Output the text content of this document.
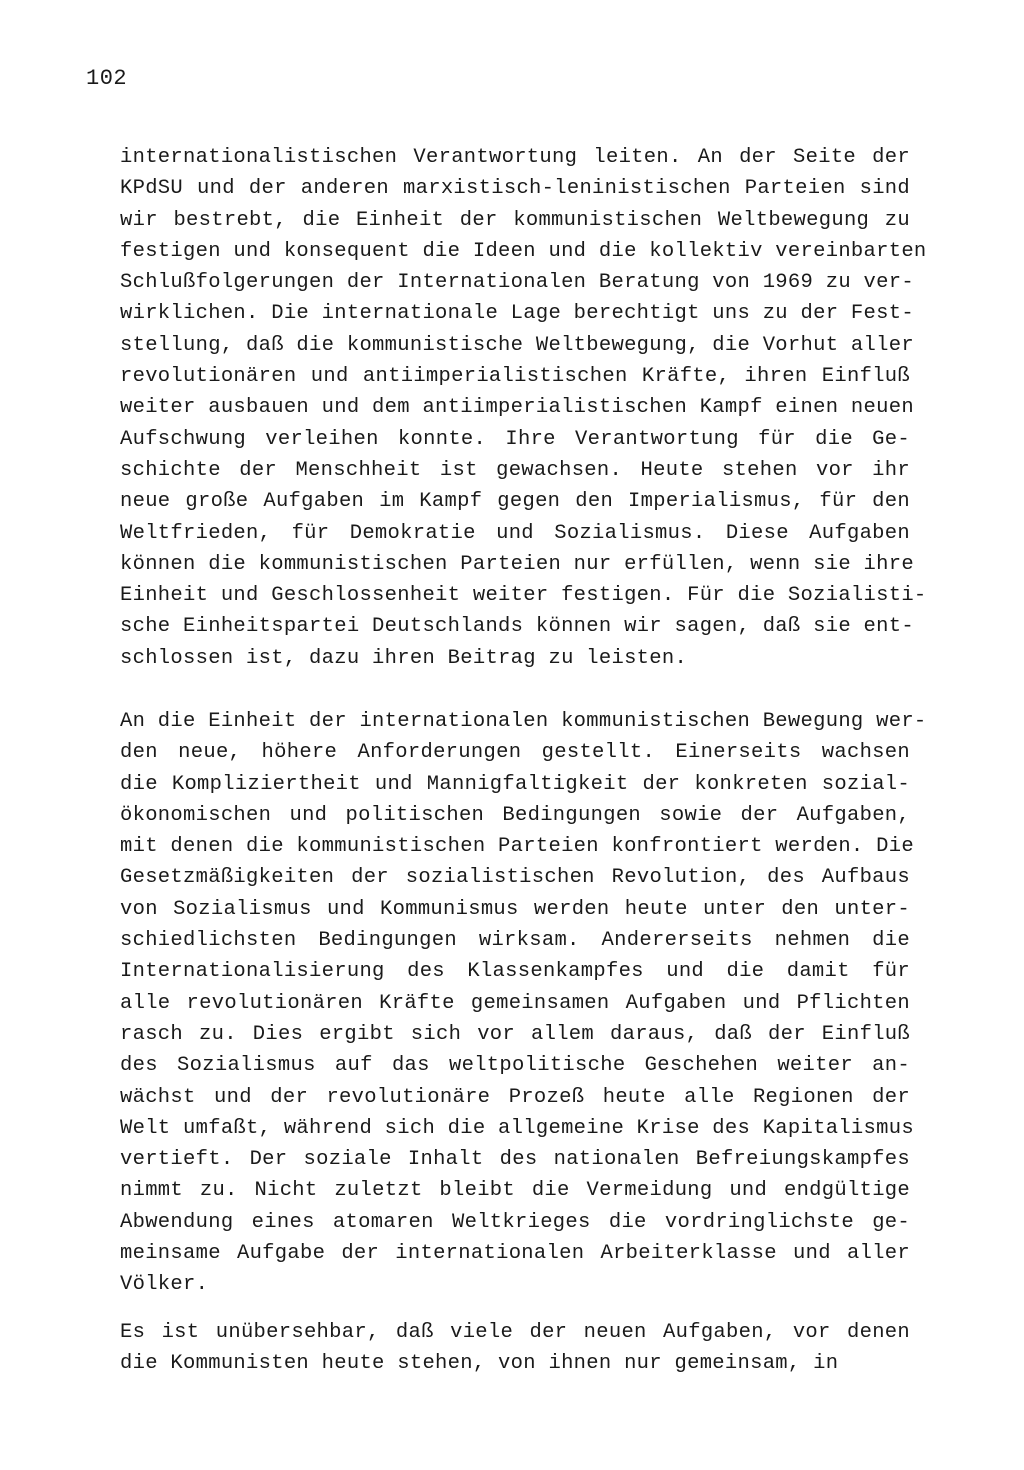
102
internationalistischen Verantwortung leiten. An der Seite der
KPdSU und der anderen marxistisch-leninistischen Parteien sind
wir bestrebt, die Einheit der kommunistischen Weltbewegung zu
festigen und konsequent die Ideen und die kollektiv vereinbarten
Schlußfolgerungen der Internationalen Beratung von 1969 zu ver-
wirklichen. Die internationale Lage berechtigt uns zu der Fest-
stellung, daß die kommunistische Weltbewegung, die Vorhut aller
revolutionären und antiimperialistischen Kräfte, ihren Einfluß
weiter ausbauen und dem antiimperialistischen Kampf einen neuen
Aufschwung verleihen konnte. Ihre Verantwortung für die Ge-
schichte der Menschheit ist gewachsen. Heute stehen vor ihr
neue große Aufgaben im Kampf gegen den Imperialismus, für den
Weltfrieden, für Demokratie und Sozialismus. Diese Aufgaben
können die kommunistischen Parteien nur erfüllen, wenn sie ihre
Einheit und Geschlossenheit weiter festigen. Für die Sozialisti-
sche Einheitspartei Deutschlands können wir sagen, daß sie ent-
schlossen ist, dazu ihren Beitrag zu leisten.
An die Einheit der internationalen kommunistischen Bewegung wer-
den neue, höhere Anforderungen gestellt. Einerseits wachsen
die Kompliziertheit und Mannigfaltigkeit der konkreten sozial-
ökonomischen und politischen Bedingungen sowie der Aufgaben,
mit denen die kommunistischen Parteien konfrontiert werden. Die
Gesetzmäßigkeiten der sozialistischen Revolution, des Aufbaus
von Sozialismus und Kommunismus werden heute unter den unter-
schiedlichsten Bedingungen wirksam. Andererseits nehmen die
Internationalisierung des Klassenkampfes und die damit für
alle revolutionären Kräfte gemeinsamen Aufgaben und Pflichten
rasch zu. Dies ergibt sich vor allem daraus, daß der Einfluß
des Sozialismus auf das weltpolitische Geschehen weiter an-
wächst und der revolutionäre Prozeß heute alle Regionen der
Welt umfaßt, während sich die allgemeine Krise des Kapitalismus
vertieft. Der soziale Inhalt des nationalen Befreiungskampfes
nimmt zu. Nicht zuletzt bleibt die Vermeidung und endgültige
Abwendung eines atomaren Weltkrieges die vordringlichste ge-
meinsame Aufgabe der internationalen Arbeiterklasse und aller
Völker.
Es ist unübersehbar, daß viele der neuen Aufgaben, vor denen
die Kommunisten heute stehen, von ihnen nur gemeinsam, in
